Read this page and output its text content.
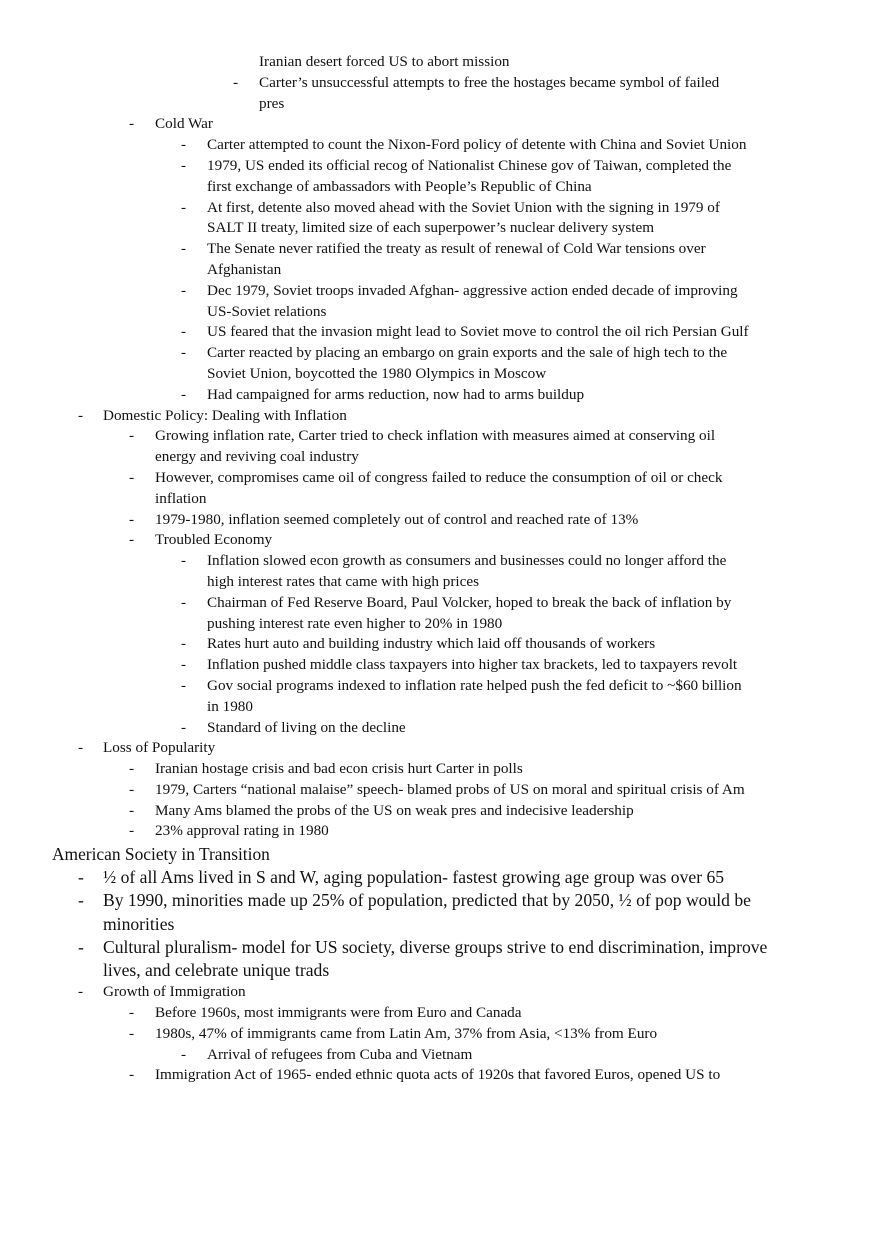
Iranian desert forced US to abort mission
-	Carter’s unsuccessful attempts to free the hostages became symbol of failed
pres
-	Cold War
-	Carter attempted to count the Nixon-Ford policy of detente with China and Soviet Union
-	1979, US ended its official recog of Nationalist Chinese gov of Taiwan, completed the
first exchange of ambassadors with People’s Republic of China
-	At first, detente also moved ahead with the Soviet Union with the signing in 1979 of
SALT II treaty, limited size of each superpower’s nuclear delivery system
-	The Senate never ratified the treaty as result of renewal of Cold War tensions over
Afghanistan
-	Dec 1979, Soviet troops invaded Afghan- aggressive action ended decade of improving
US-Soviet relations
-	US feared that the invasion might lead to Soviet move to control the oil rich Persian Gulf
-	Carter reacted by placing an embargo on grain exports and the sale of high tech to the
Soviet Union, boycotted the 1980 Olympics in Moscow
-	Had campaigned for arms reduction, now had to arms buildup
-	Domestic Policy: Dealing with Inflation
-	Growing inflation rate, Carter tried to check inflation with measures aimed at conserving oil
energy and reviving coal industry
-	However, compromises came oil of congress failed to reduce the consumption of oil or check
inflation
-	1979-1980, inflation seemed completely out of control and reached rate of 13%
-	Troubled Economy
-	Inflation slowed econ growth as consumers and businesses could no longer afford the
high interest rates that came with high prices
-	Chairman of Fed Reserve Board, Paul Volcker, hoped to break the back of inflation by
pushing interest rate even higher to 20% in 1980
-	Rates hurt auto and building industry which laid off thousands of workers
-	Inflation pushed middle class taxpayers into higher tax brackets, led to taxpayers revolt
-	Gov social programs indexed to inflation rate helped push the fed deficit to ~$60 billion
in 1980
-	Standard of living on the decline
-	Loss of Popularity
-	Iranian hostage crisis and bad econ crisis hurt Carter in polls
-	1979, Carters “national malaise” speech- blamed probs of US on moral and spiritual crisis of Am
-	Many Ams blamed the probs of the US on weak pres and indecisive leadership
-	23% approval rating in 1980
American Society in Transition
-	½ of all Ams lived in S and W, aging population- fastest growing age group was over 65
-	By 1990, minorities made up 25% of population, predicted that by 2050, ½ of pop would be
minorities
-	Cultural pluralism- model for US society, diverse groups strive to end discrimination, improve
lives, and celebrate unique trads
-	Growth of Immigration
-	Before 1960s, most immigrants were from Euro and Canada
-	1980s, 47% of immigrants came from Latin Am, 37% from Asia, <13% from Euro
-	Arrival of refugees from Cuba and Vietnam
-	Immigration Act of 1965- ended ethnic quota acts of 1920s that favored Euros, opened US to
